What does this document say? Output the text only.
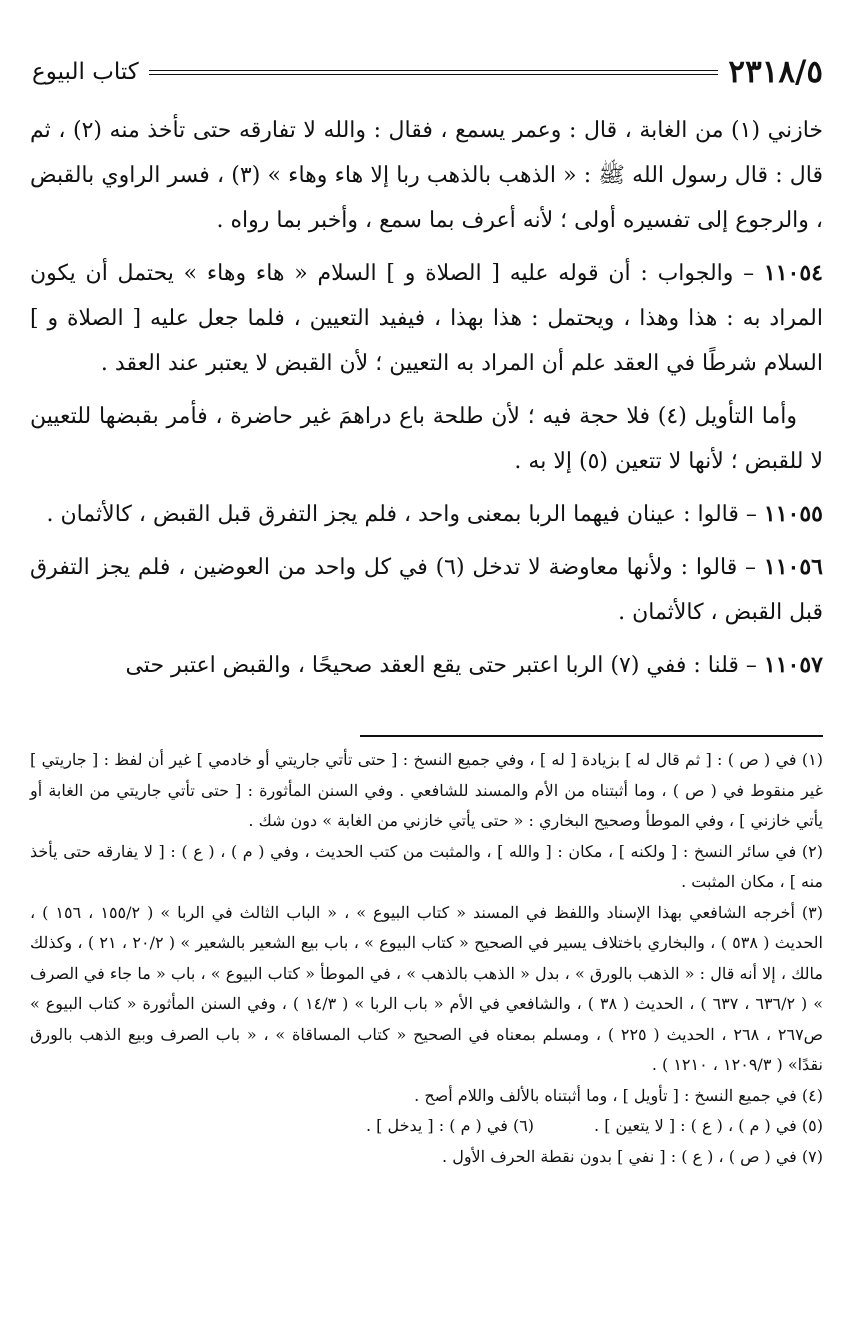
٢٣١٨/٥
كتاب البيوع

خازني (١) من الغابة ، قال : وعمر يسمع ، فقال : والله لا تفارقه حتى تأخذ منه (٢) ، ثم قال : قال رسول الله ﷺ : « الذهب بالذهب ربا إلا هاء وهاء » (٣) ، فسر الراوي بالقبض ، والرجوع إلى تفسيره أولى ؛ لأنه أعرف بما سمع ، وأخبر بما رواه .

١١٠٥٤ – والجواب : أن قوله عليه [ الصلاة و ] السلام « هاء وهاء » يحتمل أن يكون المراد به : هذا وهذا ، ويحتمل : هذا بهذا ، فيفيد التعيين ، فلما جعل عليه [ الصلاة و ] السلام شرطًا في العقد علم أن المراد به التعيين ؛ لأن القبض لا يعتبر عند العقد .

وأما التأويل (٤) فلا حجة فيه ؛ لأن طلحة باع دراهمَ غير حاضرة ، فأمر بقبضها للتعيين لا للقبض ؛ لأنها لا تتعين (٥) إلا به .

١١٠٥٥ – قالوا : عينان فيهما الربا بمعنى واحد ، فلم يجز التفرق قبل القبض ، كالأثمان .

١١٠٥٦ – قالوا : ولأنها معاوضة لا تدخل (٦) في كل واحد من العوضين ، فلم يجز التفرق قبل القبض ، كالأثمان .

١١٠٥٧ – قلنا : ففي (٧) الربا اعتبر حتى يقع العقد صحيحًا ، والقبض اعتبر حتى

(١) في ( ص ) : [ ثم قال له ] بزيادة [ له ] ، وفي جميع النسخ : [ حتى تأتي جاريتي أو خادمي ] غير أن لفظ : [ جاريتي ] غير منقوط في ( ص ) ، وما أثبتناه من الأم والمسند للشافعي . وفي السنن المأثورة : [ حتى تأتي جاريتي من الغابة أو يأتي خازني ] ، وفي الموطأ وصحيح البخاري : « حتى يأتي خازني من الغابة » دون شك .

(٢) في سائر النسخ : [ ولكنه ] ، مكان : [ والله ] ، والمثبت من كتب الحديث ، وفي ( م ) ، ( ع ) : [ لا يفارقه حتى يأخذ منه ] ، مكان المثبت .

(٣) أخرجه الشافعي بهذا الإسناد واللفظ في المسند « كتاب البيوع » ، « الباب الثالث في الربا » ( ١٥٥/٢ ، ١٥٦ ) ، الحديث ( ٥٣٨ ) ، والبخاري باختلاف يسير في الصحيح « كتاب البيوع » ، باب بيع الشعير بالشعير » ( ٢٠/٢ ، ٢١ ) ، وكذلك مالك ، إلا أنه قال : « الذهب بالورق » ، بدل « الذهب بالذهب » ، في الموطأ « كتاب البيوع » ، باب « ما جاء في الصرف » ( ٦٣٦/٢ ، ٦٣٧ ) ، الحديث ( ٣٨ ) ، والشافعي في الأم « باب الربا » ( ١٤/٣ ) ، وفي السنن المأثورة « كتاب البيوع » ص٢٦٧ ، ٢٦٨ ، الحديث ( ٢٢٥ ) ، ومسلم بمعناه في الصحيح « كتاب المساقاة » ، « باب الصرف وبيع الذهب بالورق نقدًا» ( ١٢٠٩/٣ ، ١٢١٠ ) .

(٤) في جميع النسخ : [ تأويل ] ، وما أثبتناه بالألف واللام أصح .

(٥) في ( م ) ، ( ع ) : [ لا يتعين ] .

(٦) في ( م ) : [ يدخل ] .

(٧) في ( ص ) ، ( ع ) : [ نفي ] بدون نقطة الحرف الأول .
